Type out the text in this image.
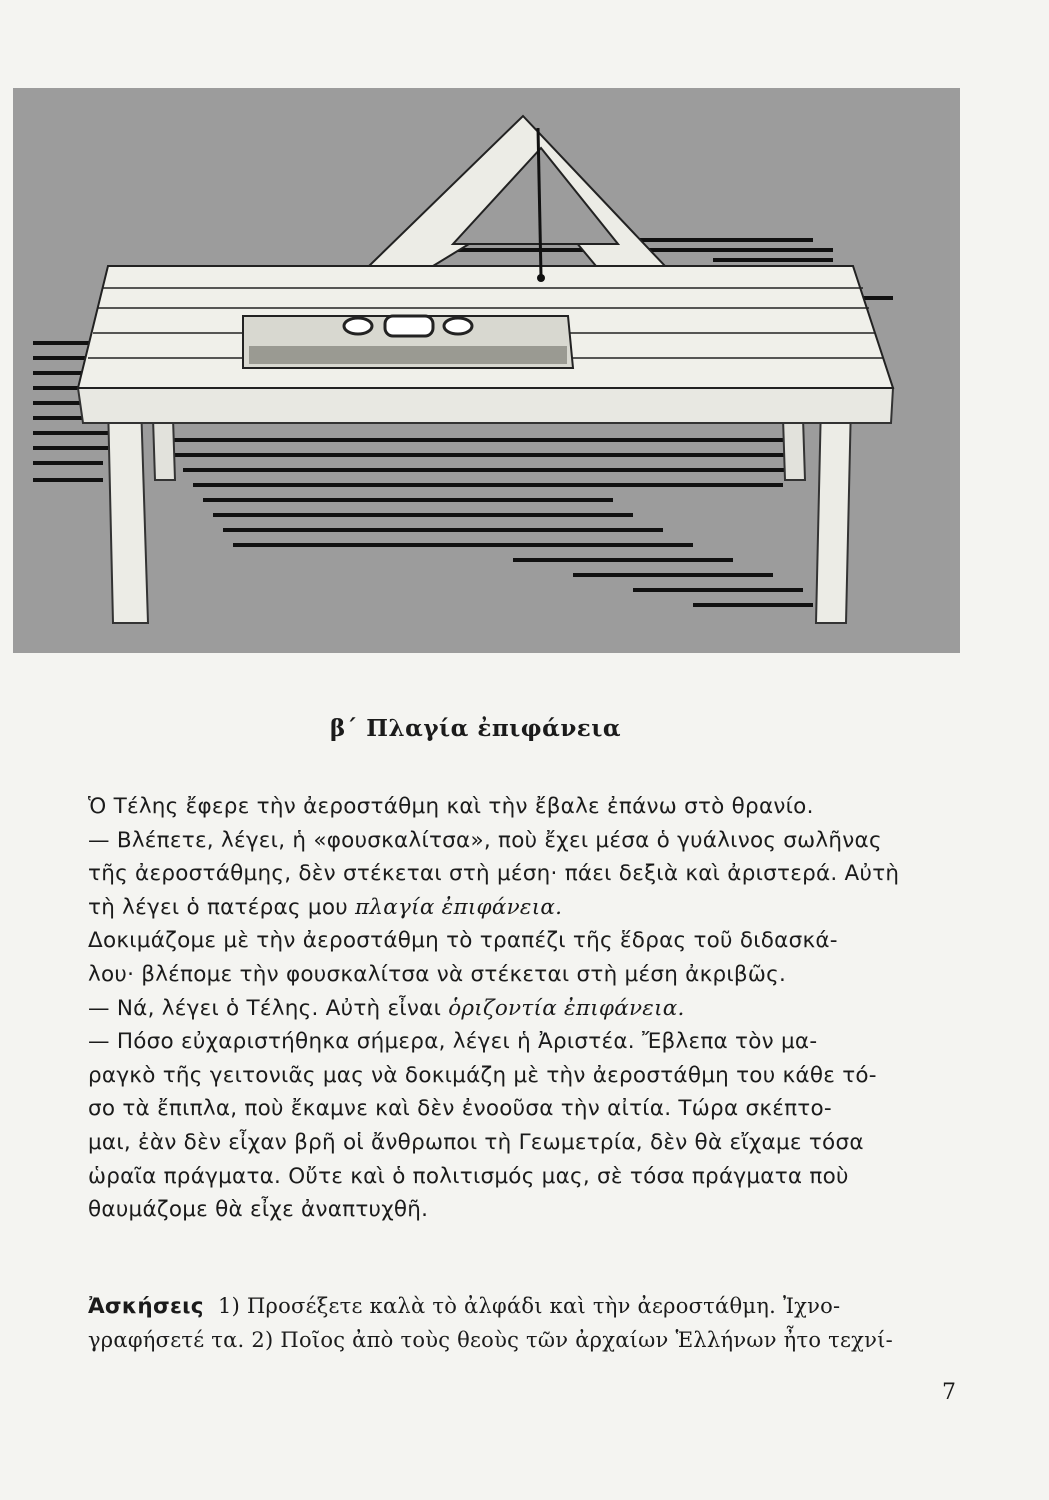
β΄ Πλαγία ἐπιφάνεια
Ὁ Τέλης ἔφερε τὴν ἀεροστάθμη καὶ τὴν ἔβαλε ἐπάνω στὸ θρανίο.
— Βλέπετε, λέγει, ἡ «φουσκαλίτσα», ποὺ ἔχει μέσα ὁ γυάλινος σωλῆνας
τῆς ἀεροστάθμης, δὲν στέκεται στὴ μέση· πάει δεξιὰ καὶ ἀριστερά. Αὐτὴ
τὴ λέγει ὁ πατέρας μου πλαγία ἐπιφάνεια.
Δοκιμάζομε μὲ τὴν ἀεροστάθμη τὸ τραπέζι τῆς ἕδρας τοῦ διδασκά-
λου· βλέπομε τὴν φουσκαλίτσα νὰ στέκεται στὴ μέση ἀκριβῶς.
— Νά, λέγει ὁ Τέλης. Αὐτὴ εἶναι ὁριζοντία ἐπιφάνεια.
— Πόσο εὐχαριστήθηκα σήμερα, λέγει ἡ Ἀριστέα. Ἔβλεπα τὸν μα-
ραγκὸ τῆς γειτονιᾶς μας νὰ δοκιμάζη μὲ τὴν ἀεροστάθμη του κάθε τό-
σο τὰ ἔπιπλα, ποὺ ἔκαμνε καὶ δὲν ἐνοοῦσα τὴν αἰτία. Τώρα σκέπτο-
μαι, ἐὰν δὲν εἶχαν βρῆ οἱ ἄνθρωποι τὴ Γεωμετρία, δὲν θὰ εἴχαμε τόσα
ὡραῖα πράγματα. Οὔτε καὶ ὁ πολιτισμός μας, σὲ τόσα πράγματα ποὺ
θαυμάζομε θὰ εἶχε ἀναπτυχθῆ.
Ἀσκήσεις 1) Προσέξετε καλὰ τὸ ἀλφάδι καὶ τὴν ἀεροστάθμη. Ἰχνο-
γραφήσετέ τα. 2) Ποῖος ἀπὸ τοὺς θεοὺς τῶν ἀρχαίων Ἑλλήνων ἦτο τεχνί-
7
